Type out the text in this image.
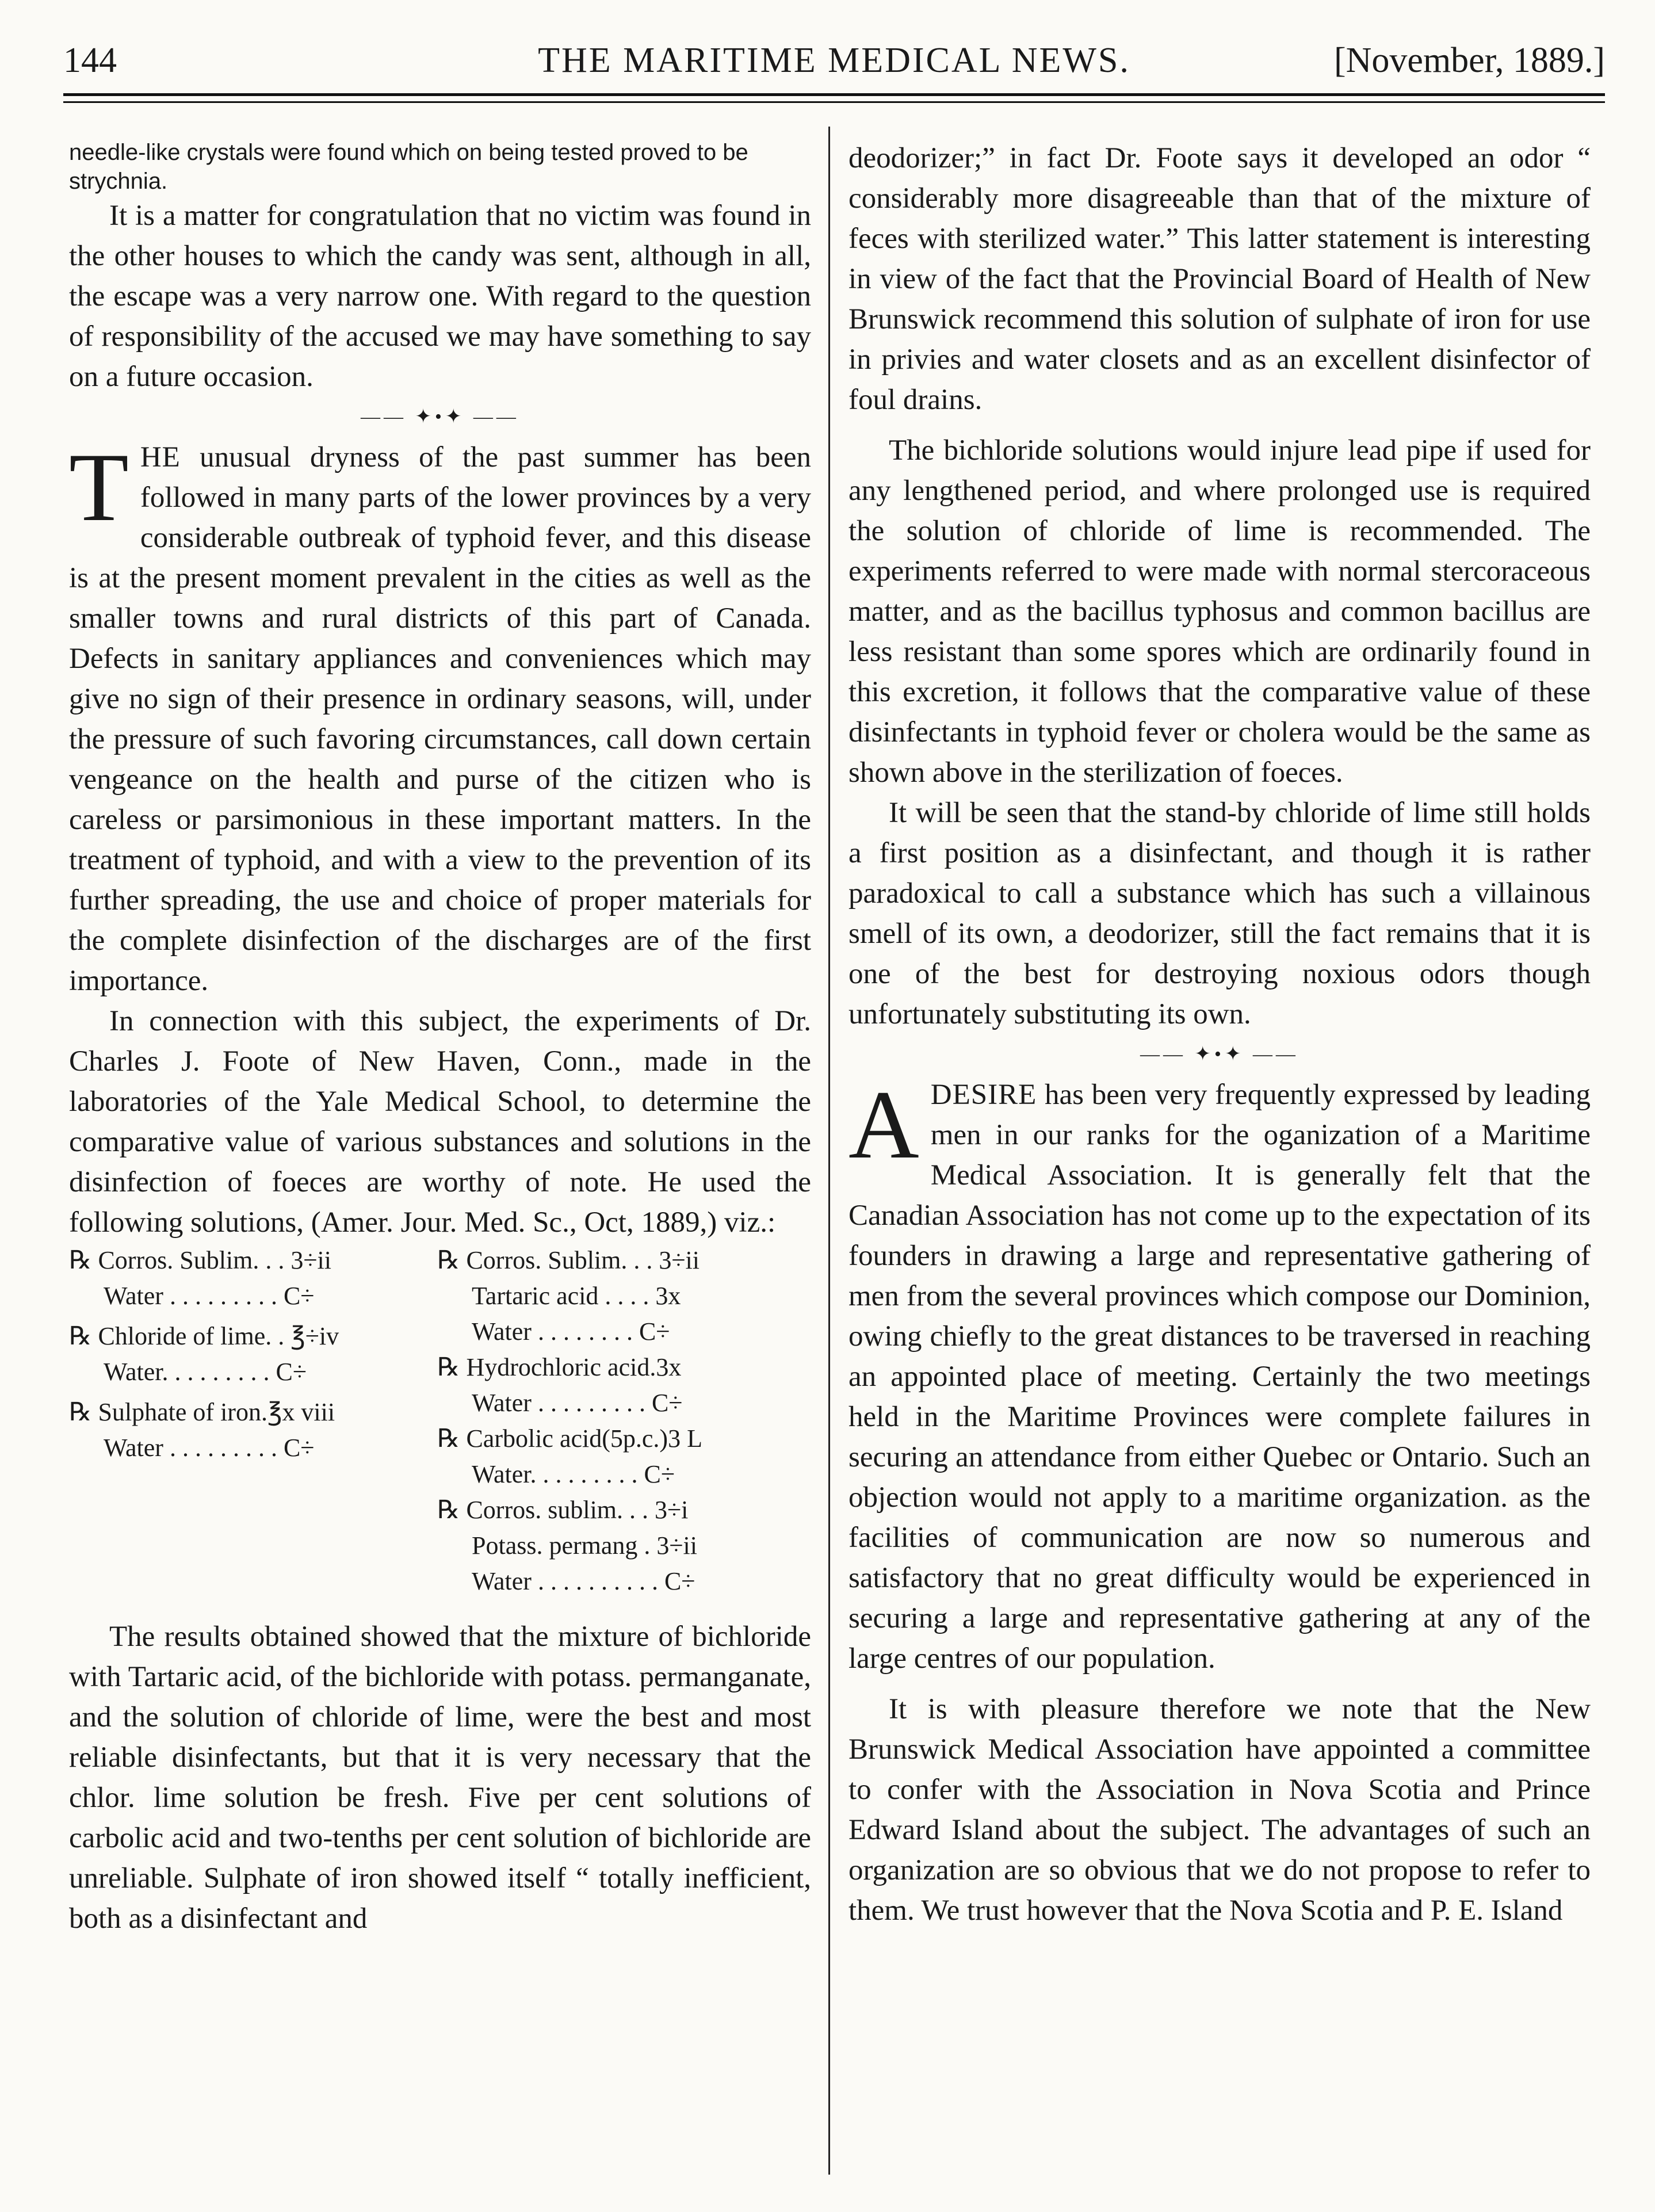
144	THE MARITIME MEDICAL NEWS.	[November, 1889.]

needle-like crystals were found which on being tested proved to be strychnia.

It is a matter for congratulation that no victim was found in the other houses to which the candy was sent, although in all, the escape was a very narrow one. With regard to the question of responsibility of the accused we may have something to say on a future occasion.

—— ✦•✦ ——

THE unusual dryness of the past summer has been followed in many parts of the lower provinces by a very considerable outbreak of typhoid fever, and this disease is at the present moment prevalent in the cities as well as the smaller towns and rural districts of this part of Canada. Defects in sanitary appliances and conveniences which may give no sign of their presence in ordinary seasons, will, under the pressure of such favoring circumstances, call down certain vengeance on the health and purse of the citizen who is careless or parsimonious in these important matters. In the treatment of typhoid, and with a view to the prevention of its further spreading, the use and choice of proper materials for the complete disinfection of the discharges are of the first importance.

In connection with this subject, the experiments of Dr. Charles J. Foote of New Haven, Conn., made in the laboratories of the Yale Medical School, to determine the comparative value of various substances and solutions in the disinfection of foeces are worthy of note. He used the following solutions, (Amer. Jour. Med. Sc., Oct, 1889,) viz.:

℞ Corros. Sublim. . . 3÷ii
Water . . . . . . . . . C÷
℞ Chloride of lime. . ℥÷iv
Water. . . . . . . . . C÷
℞ Sulphate of iron.℥x viii
Water . . . . . . . . . C÷
℞ Corros. Sublim. . . 3÷ii
Tartaric acid . . . . 3x
Water . . . . . . . . C÷
℞ Hydrochloric acid.3x
Water . . . . . . . . . C÷
℞ Carbolic acid(5p.c.)3 L
Water. . . . . . . . . C÷
℞ Corros. sublim. . . 3÷i
Potass. permang . 3÷ii
Water . . . . . . . . . . C÷

The results obtained showed that the mixture of bichloride with Tartaric acid, of the bichloride with potass. permanganate, and the solution of chloride of lime, were the best and most reliable disinfectants, but that it is very necessary that the chlor. lime solution be fresh. Five per cent solutions of carbolic acid and two-tenths per cent solution of bichloride are unreliable. Sulphate of iron showed itself “ totally inefficient, both as a disinfectant and

deodorizer;” in fact Dr. Foote says it developed an odor “ considerably more disagreeable than that of the mixture of feces with sterilized water.” This latter statement is interesting in view of the fact that the Provincial Board of Health of New Brunswick recommend this solution of sulphate of iron for use in privies and water closets and as an excellent disinfector of foul drains.

The bichloride solutions would injure lead pipe if used for any lengthened period, and where prolonged use is required the solution of chloride of lime is recommended. The experiments referred to were made with normal stercoraceous matter, and as the bacillus typhosus and common bacillus are less resistant than some spores which are ordinarily found in this excretion, it follows that the comparative value of these disinfectants in typhoid fever or cholera would be the same as shown above in the sterilization of foeces.

It will be seen that the stand-by chloride of lime still holds a first position as a disinfectant, and though it is rather paradoxical to call a substance which has such a villainous smell of its own, a deodorizer, still the fact remains that it is one of the best for destroying noxious odors though unfortunately substituting its own.

—— ✦•✦ ——

ADESIRE has been very frequently expressed by leading men in our ranks for the oganization of a Maritime Medical Association. It is generally felt that the Canadian Association has not come up to the expectation of its founders in drawing a large and representative gathering of men from the several provinces which compose our Dominion, owing chiefly to the great distances to be traversed in reaching an appointed place of meeting. Certainly the two meetings held in the Maritime Provinces were complete failures in securing an attendance from either Quebec or Ontario. Such an objection would not apply to a maritime organization. as the facilities of communication are now so numerous and satisfactory that no great difficulty would be experienced in securing a large and representative gathering at any of the large centres of our population.

It is with pleasure therefore we note that the New Brunswick Medical Association have appointed a committee to confer with the Association in Nova Scotia and Prince Edward Island about the subject. The advantages of such an organization are so obvious that we do not propose to refer to them. We trust however that the Nova Scotia and P. E. Island
